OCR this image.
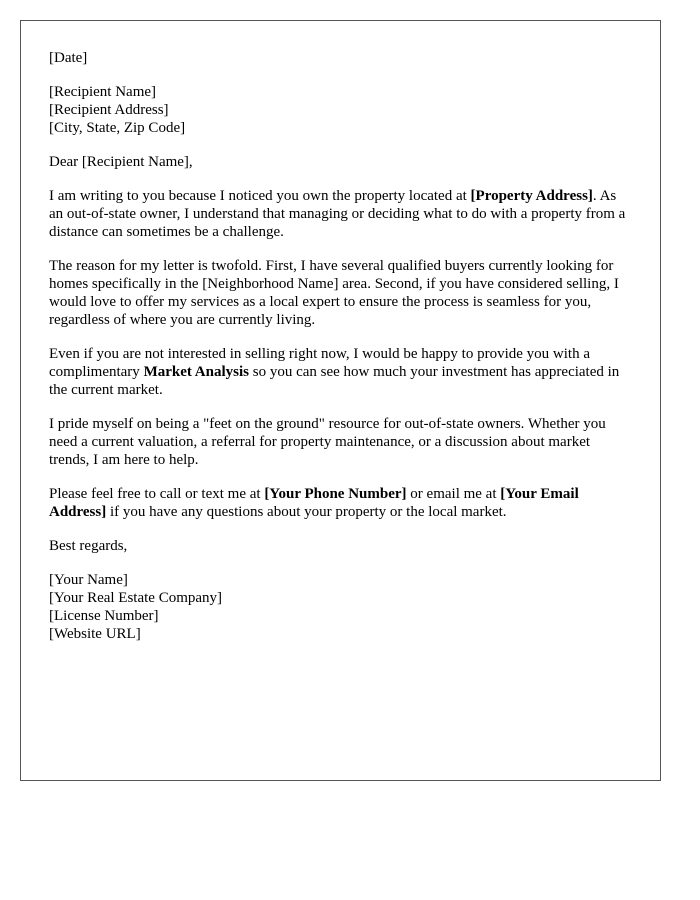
[Date]

[Recipient Name]

[Recipient Address]

[City, State, Zip Code]

Dear [Recipient Name],

I am writing to you because I noticed you own the property located at [Property Address]. As an out-of-state owner, I understand that managing or deciding what to do with a property from a distance can sometimes be a challenge.

The reason for my letter is twofold. First, I have several qualified buyers currently looking for homes specifically in the [Neighborhood Name] area. Second, if you have considered selling, I would love to offer my services as a local expert to ensure the process is seamless for you, regardless of where you are currently living.

Even if you are not interested in selling right now, I would be happy to provide you with a complimentary Market Analysis so you can see how much your investment has appreciated in the current market.

I pride myself on being a "feet on the ground" resource for out-of-state owners. Whether you need a current valuation, a referral for property maintenance, or a discussion about market trends, I am here to help.

Please feel free to call or text me at [Your Phone Number] or email me at [Your Email Address] if you have any questions about your property or the local market.

Best regards,

[Your Name]

[Your Real Estate Company]

[License Number]

[Website URL]
